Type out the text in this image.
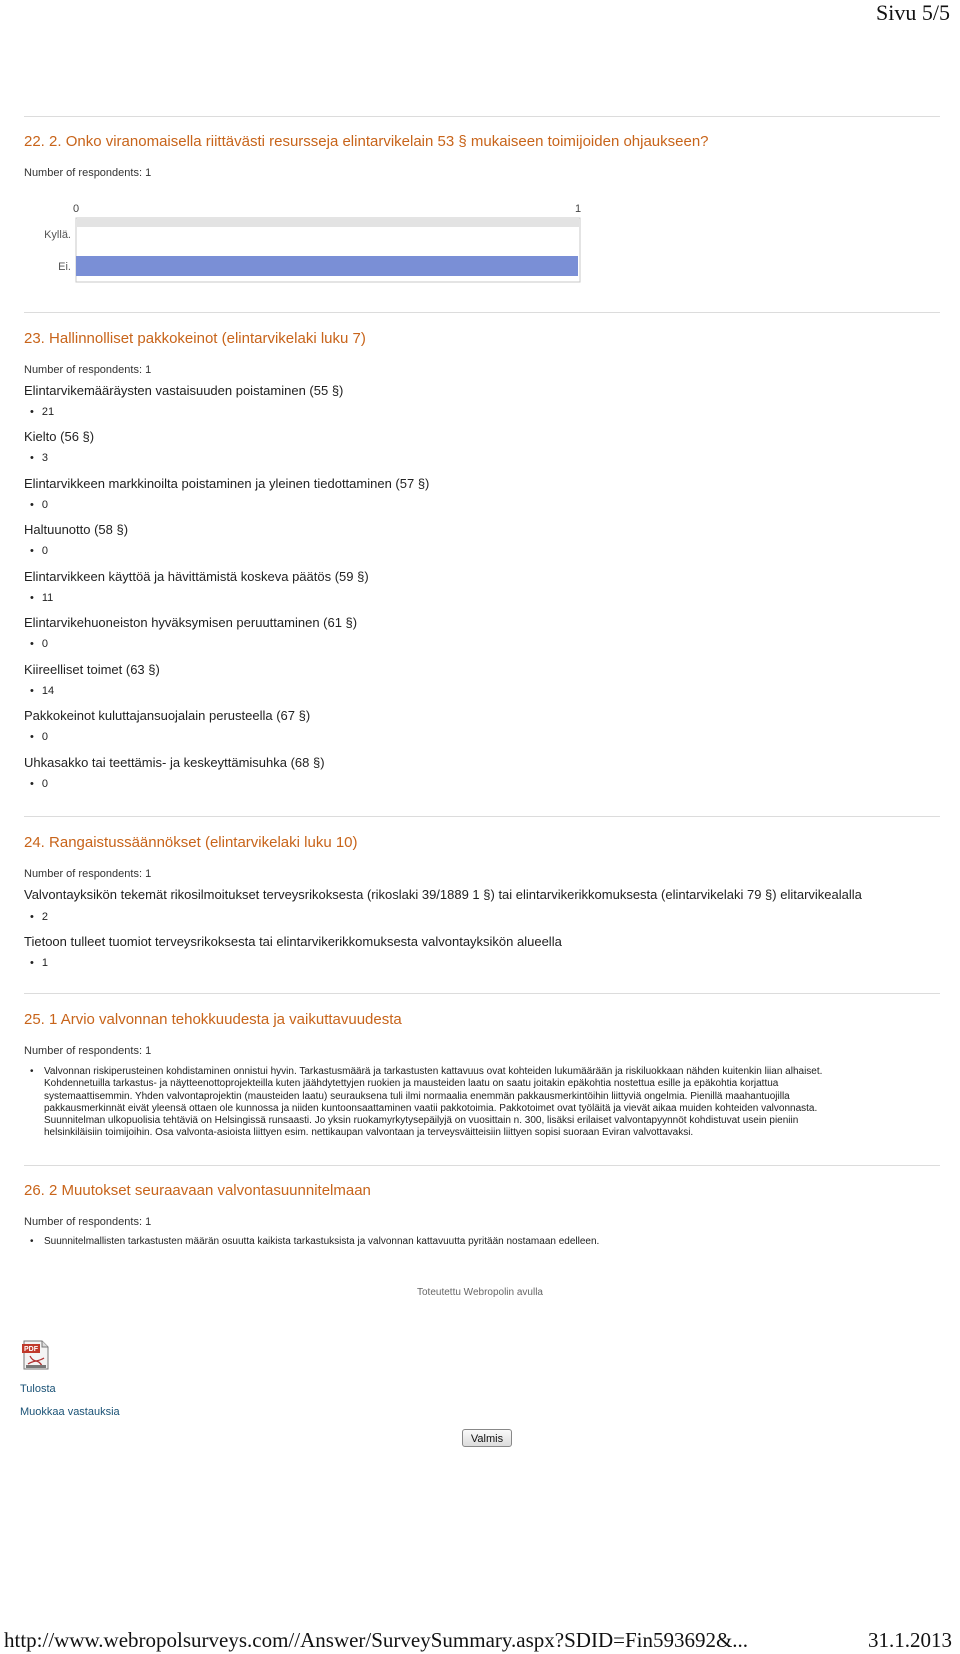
Sivu 5/5
22. 2. Onko viranomaisella riittävästi resursseja elintarvikelain 53 § mukaiseen toimijoiden ohjaukseen?
Number of respondents: 1
0	1
Kyllä.
Ei.
23. Hallinnolliset pakkokeinot (elintarvikelaki luku 7)
Number of respondents: 1
Elintarvikemääräysten vastaisuuden poistaminen (55 §)
• 21
Kielto (56 §)
• 3
Elintarvikkeen markkinoilta poistaminen ja yleinen tiedottaminen (57 §)
• 0
Haltuunotto (58 §)
• 0
Elintarvikkeen käyttöä ja hävittämistä koskeva päätös (59 §)
• 11
Elintarvikehuoneiston hyväksymisen peruuttaminen (61 §)
• 0
Kiireelliset toimet (63 §)
• 14
Pakkokeinot kuluttajansuojalain perusteella (67 §)
• 0
Uhkasakko tai teettämis- ja keskeyttämisuhka (68 §)
• 0
24. Rangaistussäännökset (elintarvikelaki luku 10)
Number of respondents: 1
Valvontayksikön tekemät rikosilmoitukset terveysrikoksesta (rikoslaki 39/1889 1 §) tai elintarvikerikkomuksesta (elintarvikelaki 79 §) elitarvikealalla
• 2
Tietoon tulleet tuomiot terveysrikoksesta tai elintarvikerikkomuksesta valvontayksikön alueella
• 1
25. 1 Arvio valvonnan tehokkuudesta ja vaikuttavuudesta
Number of respondents: 1
• Valvonnan riskiperusteinen kohdistaminen onnistui hyvin. Tarkastusmäärä ja tarkastusten kattavuus ovat kohteiden lukumäärään ja riskiluokkaan nähden kuitenkin liian alhaiset.
Kohdennetuilla tarkastus- ja näytteenottoprojekteilla kuten jäähdytettyjen ruokien ja mausteiden laatu on saatu joitakin epäkohtia nostettua esille ja epäkohtia korjattua
systemaattisemmin. Yhden valvontaprojektin (mausteiden laatu) seurauksena tuli ilmi normaalia enemmän pakkausmerkintöihin liittyviä ongelmia. Pienillä maahantuojilla
pakkausmerkinnät eivät yleensä ottaen ole kunnossa ja niiden kuntoonsaattaminen vaatii pakkotoimia. Pakkotoimet ovat työläitä ja vievät aikaa muiden kohteiden valvonnasta.
Suunnitelman ulkopuolisia tehtäviä on Helsingissä runsaasti. Jo yksin ruokamyrkytysepäilyjä on vuosittain n. 300, lisäksi erilaiset valvontapyynnöt kohdistuvat usein pieniin
helsinkiläisiin toimijoihin. Osa valvonta-asioista liittyen esim. nettikaupan valvontaan ja terveysväitteisiin liittyen sopisi suoraan Eviran valvottavaksi.
26. 2 Muutokset seuraavaan valvontasuunnitelmaan
Number of respondents: 1
• Suunnitelmallisten tarkastusten määrän osuutta kaikista tarkastuksista ja valvonnan kattavuutta pyritään nostamaan edelleen.
Toteutettu Webropolin avulla
PDF
Tulosta
Muokkaa vastauksia
Valmis
http://www.webropolsurveys.com//Answer/SurveySummary.aspx?SDID=Fin593692&...	31.1.2013
